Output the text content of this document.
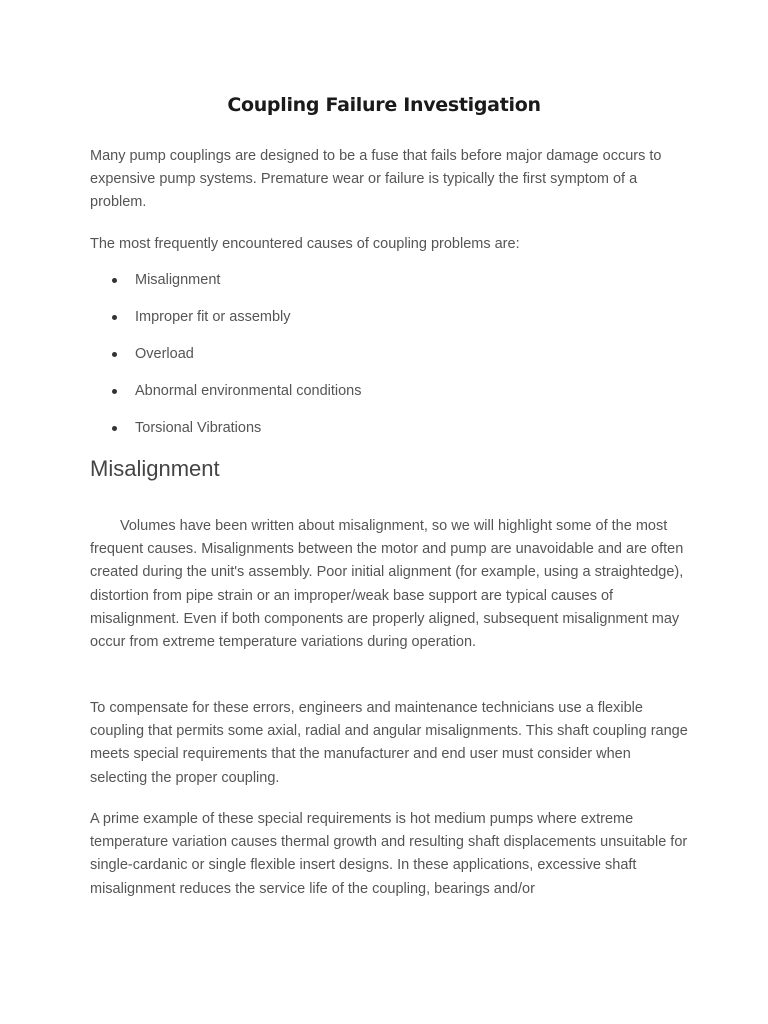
Coupling Failure Investigation

Many pump couplings are designed to be a fuse that fails before major damage occurs to expensive pump systems. Premature wear or failure is typically the first symptom of a problem.

The most frequently encountered causes of coupling problems are:

Misalignment
Improper fit or assembly
Overload
Abnormal environmental conditions
Torsional Vibrations
Misalignment

Volumes have been written about misalignment, so we will highlight some of the most frequent causes. Misalignments between the motor and pump are unavoidable and are often created during the unit's assembly. Poor initial alignment (for example, using a straightedge), distortion from pipe strain or an improper/weak base support are typical causes of misalignment. Even if both components are properly aligned, subsequent misalignment may occur from extreme temperature variations during operation.

To compensate for these errors, engineers and maintenance technicians use a flexible coupling that permits some axial, radial and angular misalignments. This shaft coupling range meets special requirements that the manufacturer and end user must consider when selecting the proper coupling.

A prime example of these special requirements is hot medium pumps where extreme temperature variation causes thermal growth and resulting shaft displacements unsuitable for single-cardanic or single flexible insert designs. In these applications, excessive shaft misalignment reduces the service life of the coupling, bearings and/or
